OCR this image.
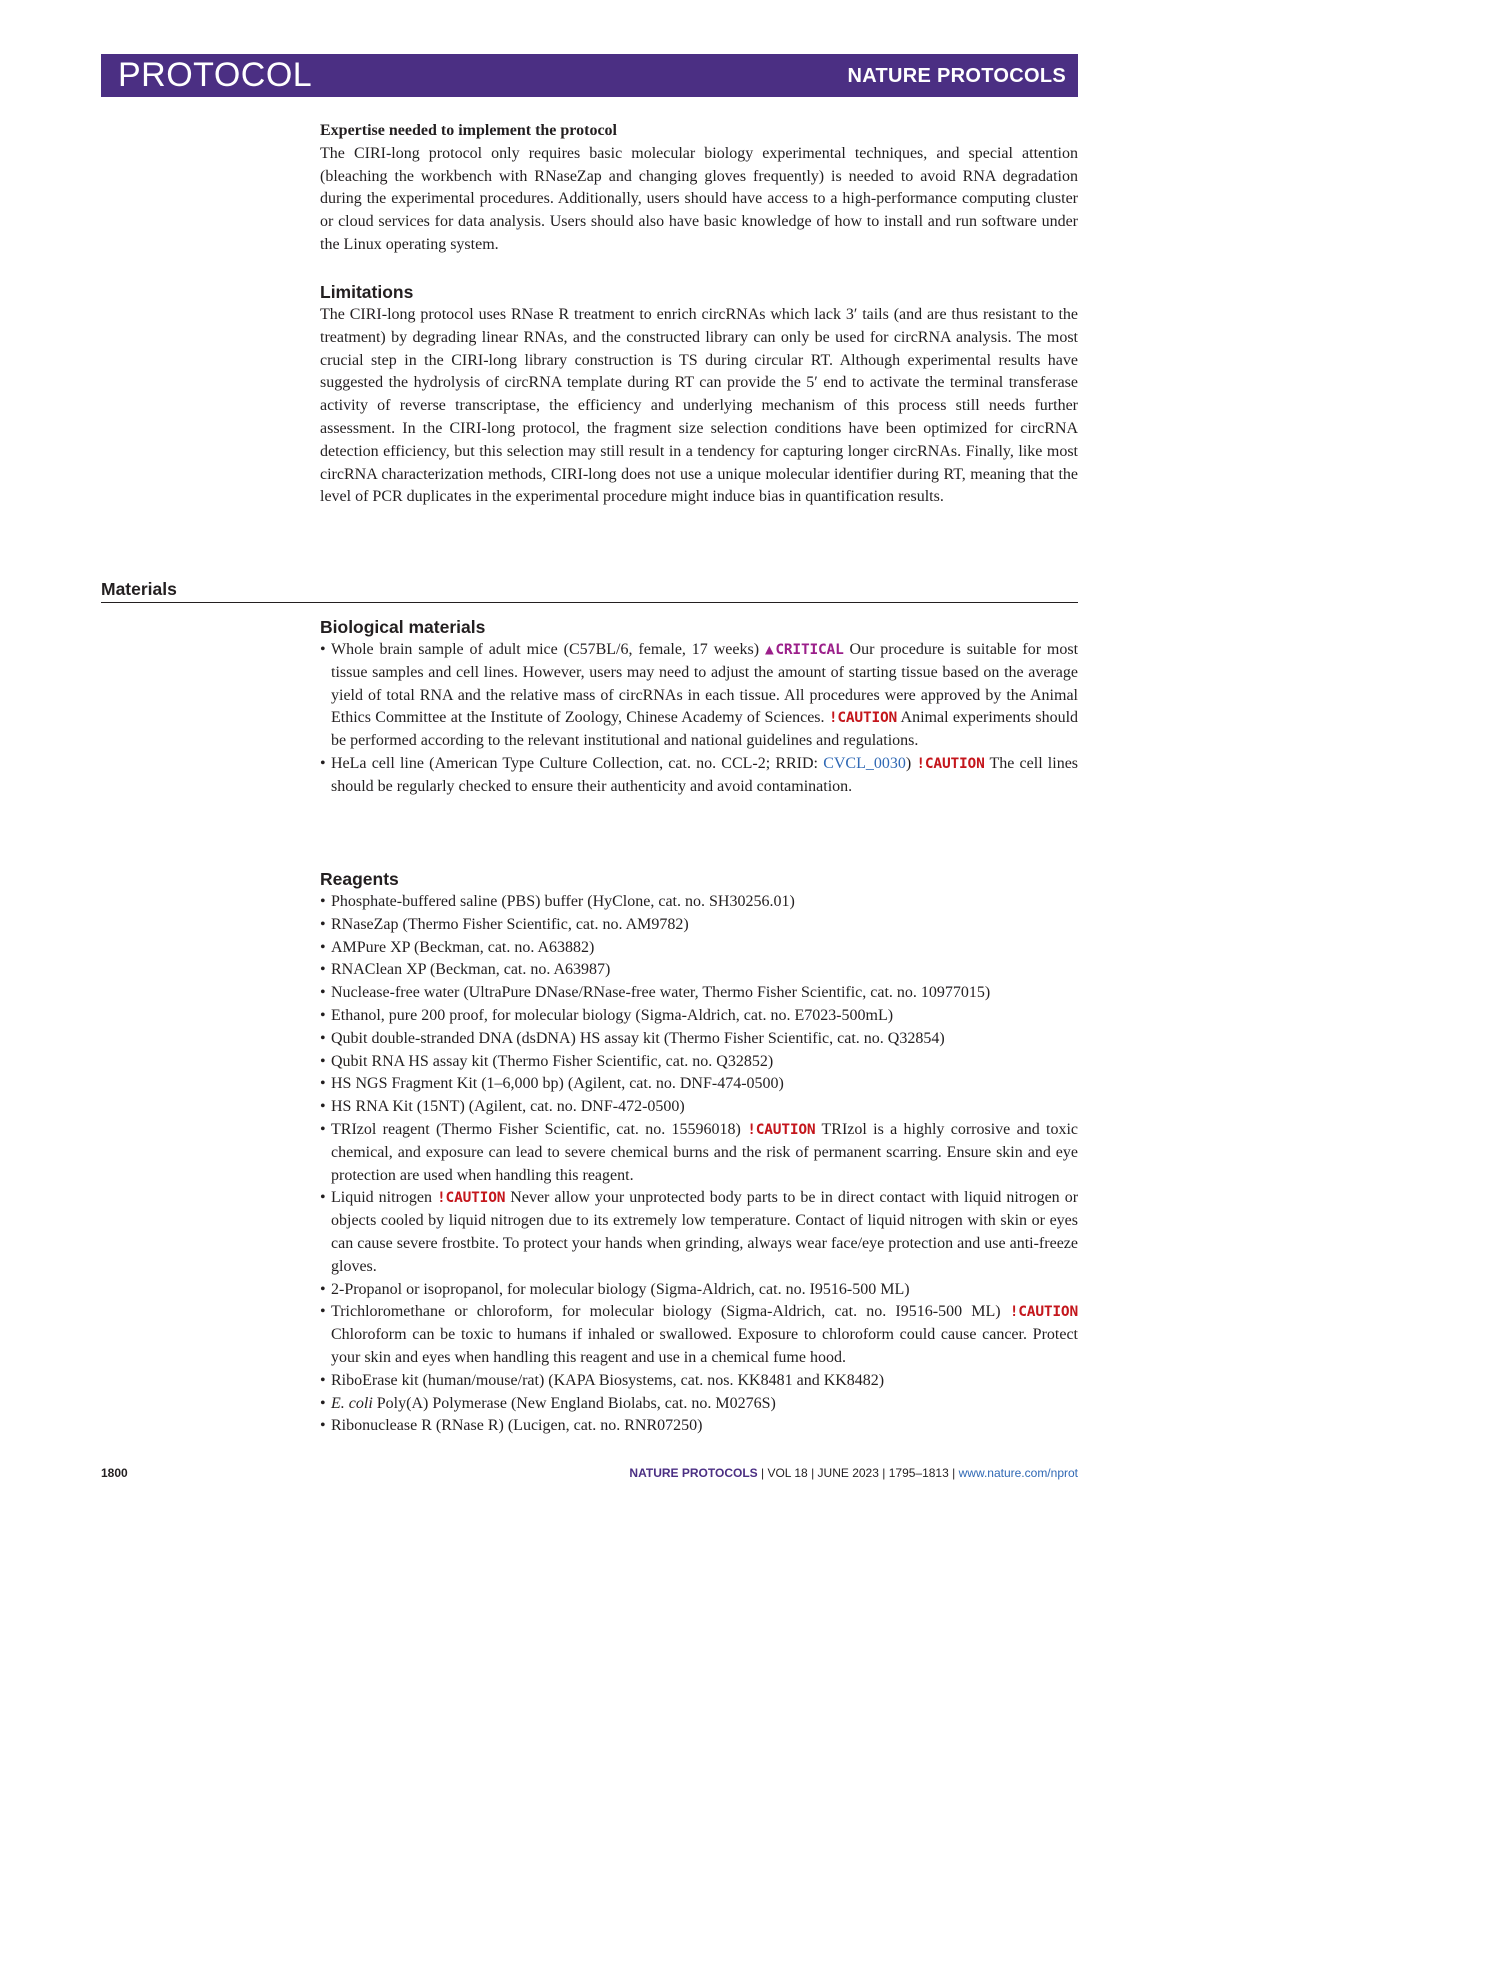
PROTOCOL	NATURE PROTOCOLS
Expertise needed to implement the protocol
The CIRI-long protocol only requires basic molecular biology experimental techniques, and special attention (bleaching the workbench with RNaseZap and changing gloves frequently) is needed to avoid RNA degradation during the experimental procedures. Additionally, users should have access to a high-performance computing cluster or cloud services for data analysis. Users should also have basic knowledge of how to install and run software under the Linux operating system.
Limitations
The CIRI-long protocol uses RNase R treatment to enrich circRNAs which lack 3′ tails (and are thus resistant to the treatment) by degrading linear RNAs, and the constructed library can only be used for circRNA analysis. The most crucial step in the CIRI-long library construction is TS during circular RT. Although experimental results have suggested the hydrolysis of circRNA template during RT can provide the 5′ end to activate the terminal transferase activity of reverse transcriptase, the efficiency and underlying mechanism of this process still needs further assessment. In the CIRI-long protocol, the fragment size selection conditions have been optimized for circRNA detection efficiency, but this selection may still result in a tendency for capturing longer circRNAs. Finally, like most circRNA characterization methods, CIRI-long does not use a unique molecular identifier during RT, meaning that the level of PCR duplicates in the experimental procedure might induce bias in quantification results.
Materials
Biological materials
• Whole brain sample of adult mice (C57BL/6, female, 17 weeks) ▲CRITICAL Our procedure is suitable for most tissue samples and cell lines. However, users may need to adjust the amount of starting tissue based on the average yield of total RNA and the relative mass of circRNAs in each tissue. All procedures were approved by the Animal Ethics Committee at the Institute of Zoology, Chinese Academy of Sciences. !CAUTION Animal experiments should be performed according to the relevant institutional and national guidelines and regulations.
• HeLa cell line (American Type Culture Collection, cat. no. CCL-2; RRID: CVCL_0030) !CAUTION The cell lines should be regularly checked to ensure their authenticity and avoid contamination.
Reagents
• Phosphate-buffered saline (PBS) buffer (HyClone, cat. no. SH30256.01)
• RNaseZap (Thermo Fisher Scientific, cat. no. AM9782)
• AMPure XP (Beckman, cat. no. A63882)
• RNAClean XP (Beckman, cat. no. A63987)
• Nuclease-free water (UltraPure DNase/RNase-free water, Thermo Fisher Scientific, cat. no. 10977015)
• Ethanol, pure 200 proof, for molecular biology (Sigma-Aldrich, cat. no. E7023-500mL)
• Qubit double-stranded DNA (dsDNA) HS assay kit (Thermo Fisher Scientific, cat. no. Q32854)
• Qubit RNA HS assay kit (Thermo Fisher Scientific, cat. no. Q32852)
• HS NGS Fragment Kit (1–6,000 bp) (Agilent, cat. no. DNF-474-0500)
• HS RNA Kit (15NT) (Agilent, cat. no. DNF-472-0500)
• TRIzol reagent (Thermo Fisher Scientific, cat. no. 15596018) !CAUTION TRIzol is a highly corrosive and toxic chemical, and exposure can lead to severe chemical burns and the risk of permanent scarring. Ensure skin and eye protection are used when handling this reagent.
• Liquid nitrogen !CAUTION Never allow your unprotected body parts to be in direct contact with liquid nitrogen or objects cooled by liquid nitrogen due to its extremely low temperature. Contact of liquid nitrogen with skin or eyes can cause severe frostbite. To protect your hands when grinding, always wear face/eye protection and use anti-freeze gloves.
• 2-Propanol or isopropanol, for molecular biology (Sigma-Aldrich, cat. no. I9516-500 ML)
• Trichloromethane or chloroform, for molecular biology (Sigma-Aldrich, cat. no. I9516-500 ML) !CAUTION Chloroform can be toxic to humans if inhaled or swallowed. Exposure to chloroform could cause cancer. Protect your skin and eyes when handling this reagent and use in a chemical fume hood.
• RiboErase kit (human/mouse/rat) (KAPA Biosystems, cat. nos. KK8481 and KK8482)
• E. coli Poly(A) Polymerase (New England Biolabs, cat. no. M0276S)
• Ribonuclease R (RNase R) (Lucigen, cat. no. RNR07250)
1800	NATURE PROTOCOLS | VOL 18 | JUNE 2023 | 1795–1813 | www.nature.com/nprot
